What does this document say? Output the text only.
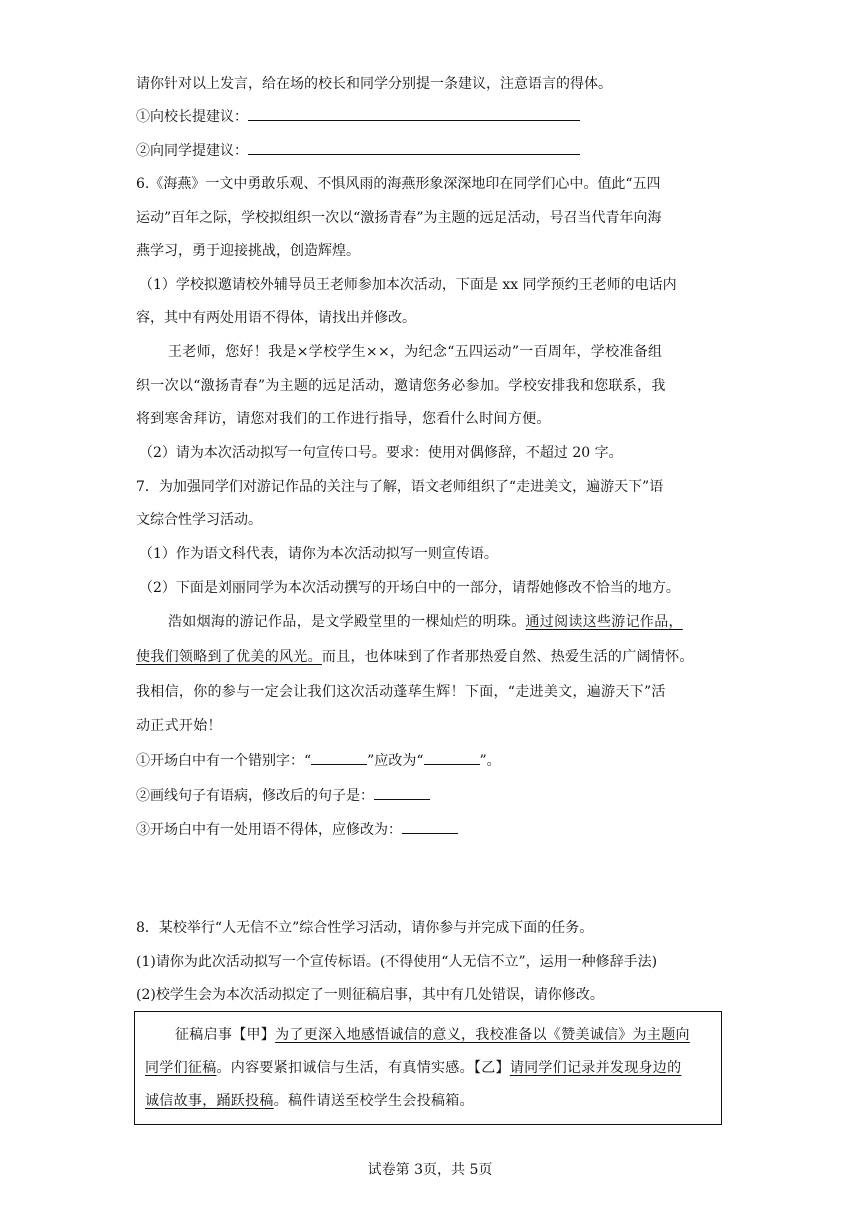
请你针对以上发言，给在场的校长和同学分别提一条建议，注意语言的得体。
①向校长提建议：
②向同学提建议：
6.《海燕》一文中勇敢乐观、不惧风雨的海燕形象深深地印在同学们心中。值此“五四
运动”百年之际，学校拟组织一次以“激扬青春”为主题的远足活动，号召当代青年向海
燕学习，勇于迎接挑战，创造辉煌。
（1）学校拟邀请校外辅导员王老师参加本次活动，下面是 xx 同学预约王老师的电话内
容，其中有两处用语不得体，请找出并修改。
王老师，您好！我是×学校学生××，为纪念“五四运动”一百周年，学校准备组
织一次以“激扬青春”为主题的远足活动，邀请您务必参加。学校安排我和您联系，我
将到寒舍拜访，请您对我们的工作进行指导，您看什么时间方便。
（2）请为本次活动拟写一句宣传口号。要求：使用对偶修辞，不超过 20 字。
7．为加强同学们对游记作品的关注与了解，语文老师组织了“走进美文，遍游天下”语
文综合性学习活动。
（1）作为语文科代表，请你为本次活动拟写一则宣传语。
（2）下面是刘丽同学为本次活动撰写的开场白中的一部分，请帮她修改不恰当的地方。
浩如烟海的游记作品，是文学殿堂里的一棵灿烂的明珠。通过阅读这些游记作品，
使我们领略到了优美的风光。而且，也体味到了作者那热爱自然、热爱生活的广阔情怀。
我相信，你的参与一定会让我们这次活动蓬荜生辉！下面，“走进美文，遍游天下”活
动正式开始！
①开场白中有一个错别字：“	”应改为“	”。
②画线句子有语病，修改后的句子是：
③开场白中有一处用语不得体，应修改为：
8．某校举行“人无信不立”综合性学习活动，请你参与并完成下面的任务。
(1)请你为此次活动拟写一个宣传标语。(不得使用“人无信不立”，运用一种修辞手法)
(2)校学生会为本次活动拟定了一则征稿启事，其中有几处错误，请你修改。
征稿启事【甲】为了更深入地感悟诚信的意义，我校准备以《赞美诚信》为主题向
同学们征稿。内容要紧扣诚信与生活，有真情实感。【乙】请同学们记录并发现身边的
诚信故事，踊跃投稿。稿件请送至校学生会投稿箱。
试卷第 3页，共 5页
